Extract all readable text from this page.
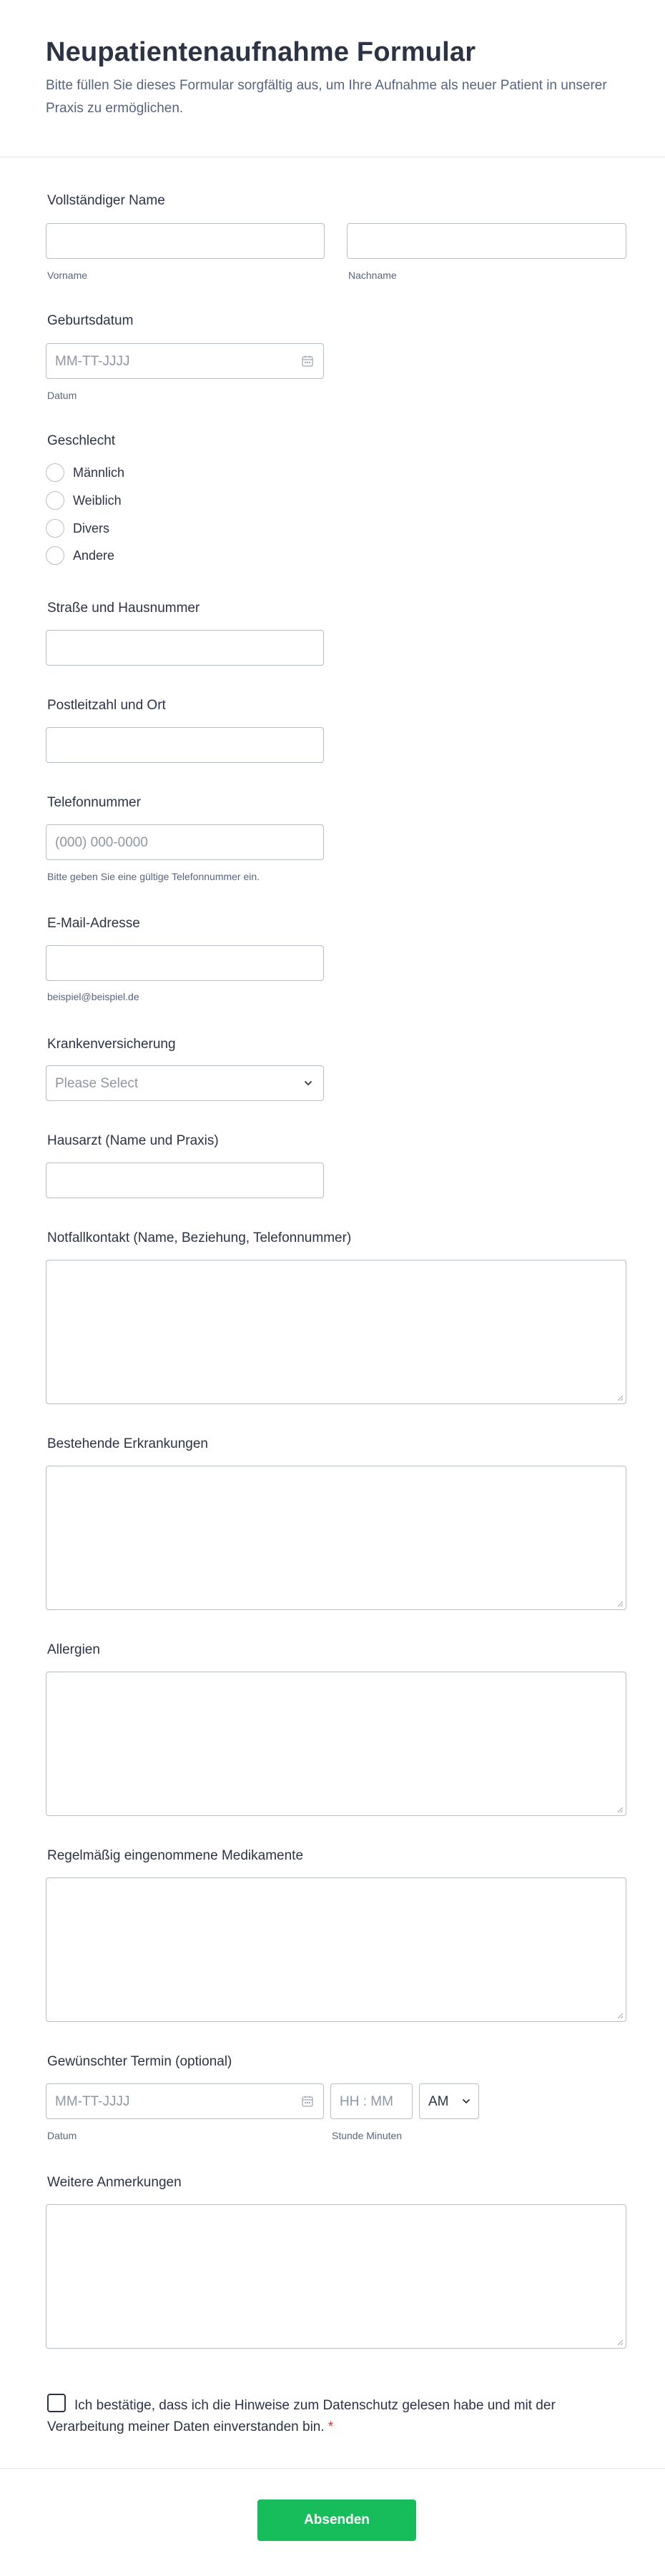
Neupatientenaufnahme Formular
Bitte füllen Sie dieses Formular sorgfältig aus, um Ihre Aufnahme als neuer Patient in unserer Praxis zu ermöglichen.
Vollständiger Name
Vorname	Nachname
Geburtsdatum
MM-TT-JJJJ
Datum
Geschlecht
Männlich
Weiblich
Divers
Andere
Straße und Hausnummer
Postleitzahl und Ort
Telefonnummer
(000) 000-0000
Bitte geben Sie eine gültige Telefonnummer ein.
E-Mail-Adresse
beispiel@beispiel.de
Krankenversicherung
Please Select
Hausarzt (Name und Praxis)
Notfallkontakt (Name, Beziehung, Telefonnummer)
Bestehende Erkrankungen
Allergien
Regelmäßig eingenommene Medikamente
Gewünschter Termin (optional)
MM-TT-JJJJ	HH : MM	AM
Datum	Stunde Minuten
Weitere Anmerkungen
Ich bestätige, dass ich die Hinweise zum Datenschutz gelesen habe und mit der Verarbeitung meiner Daten einverstanden bin. *
Absenden
